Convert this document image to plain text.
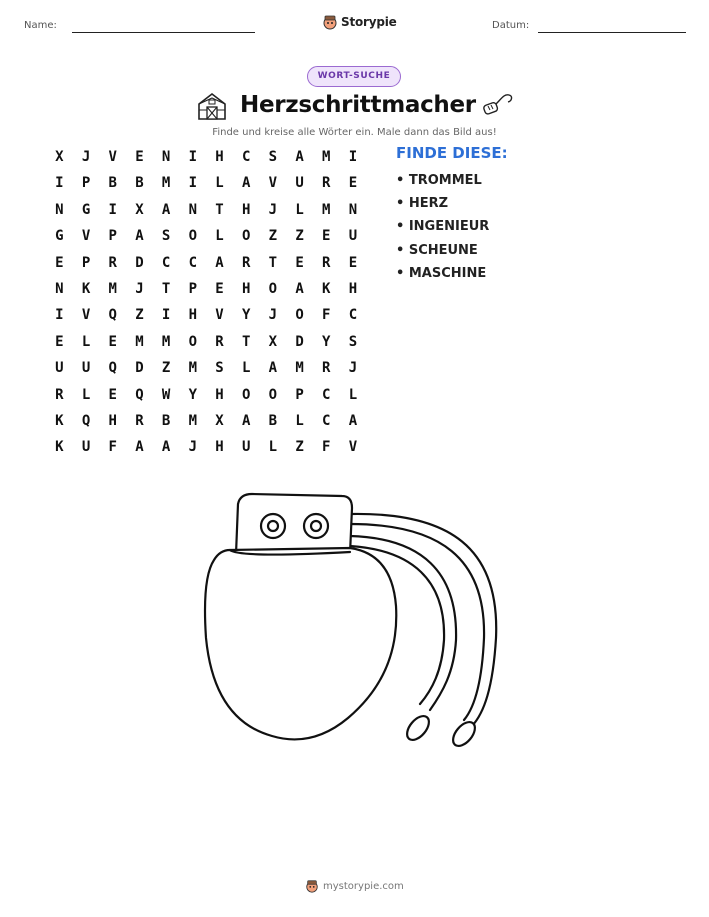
Name:	Storypie	Datum:
WORT-SUCHE
Herzschrittmacher
Finde und kreise alle Wörter ein. Male dann das Bild aus!
X	J	V	E	N	I	H	C	S	A	M	I
I	P	B	B	M	I	L	A	V	U	R	E
N	G	I	X	A	N	T	H	J	L	M	N
G	V	P	A	S	O	L	O	Z	Z	E	U
E	P	R	D	C	C	A	R	T	E	R	E
N	K	M	J	T	P	E	H	O	A	K	H
I	V	Q	Z	I	H	V	Y	J	O	F	C
E	L	E	M	M	O	R	T	X	D	Y	S
U	U	Q	D	Z	M	S	L	A	M	R	J
R	L	E	Q	W	Y	H	O	O	P	C	L
K	Q	H	R	B	M	X	A	B	L	C	A
K	U	F	A	A	J	H	U	L	Z	F	V
FINDE DIESE:
• TROMMEL
• HERZ
• INGENIEUR
• SCHEUNE
• MASCHINE
mystorypie.com
